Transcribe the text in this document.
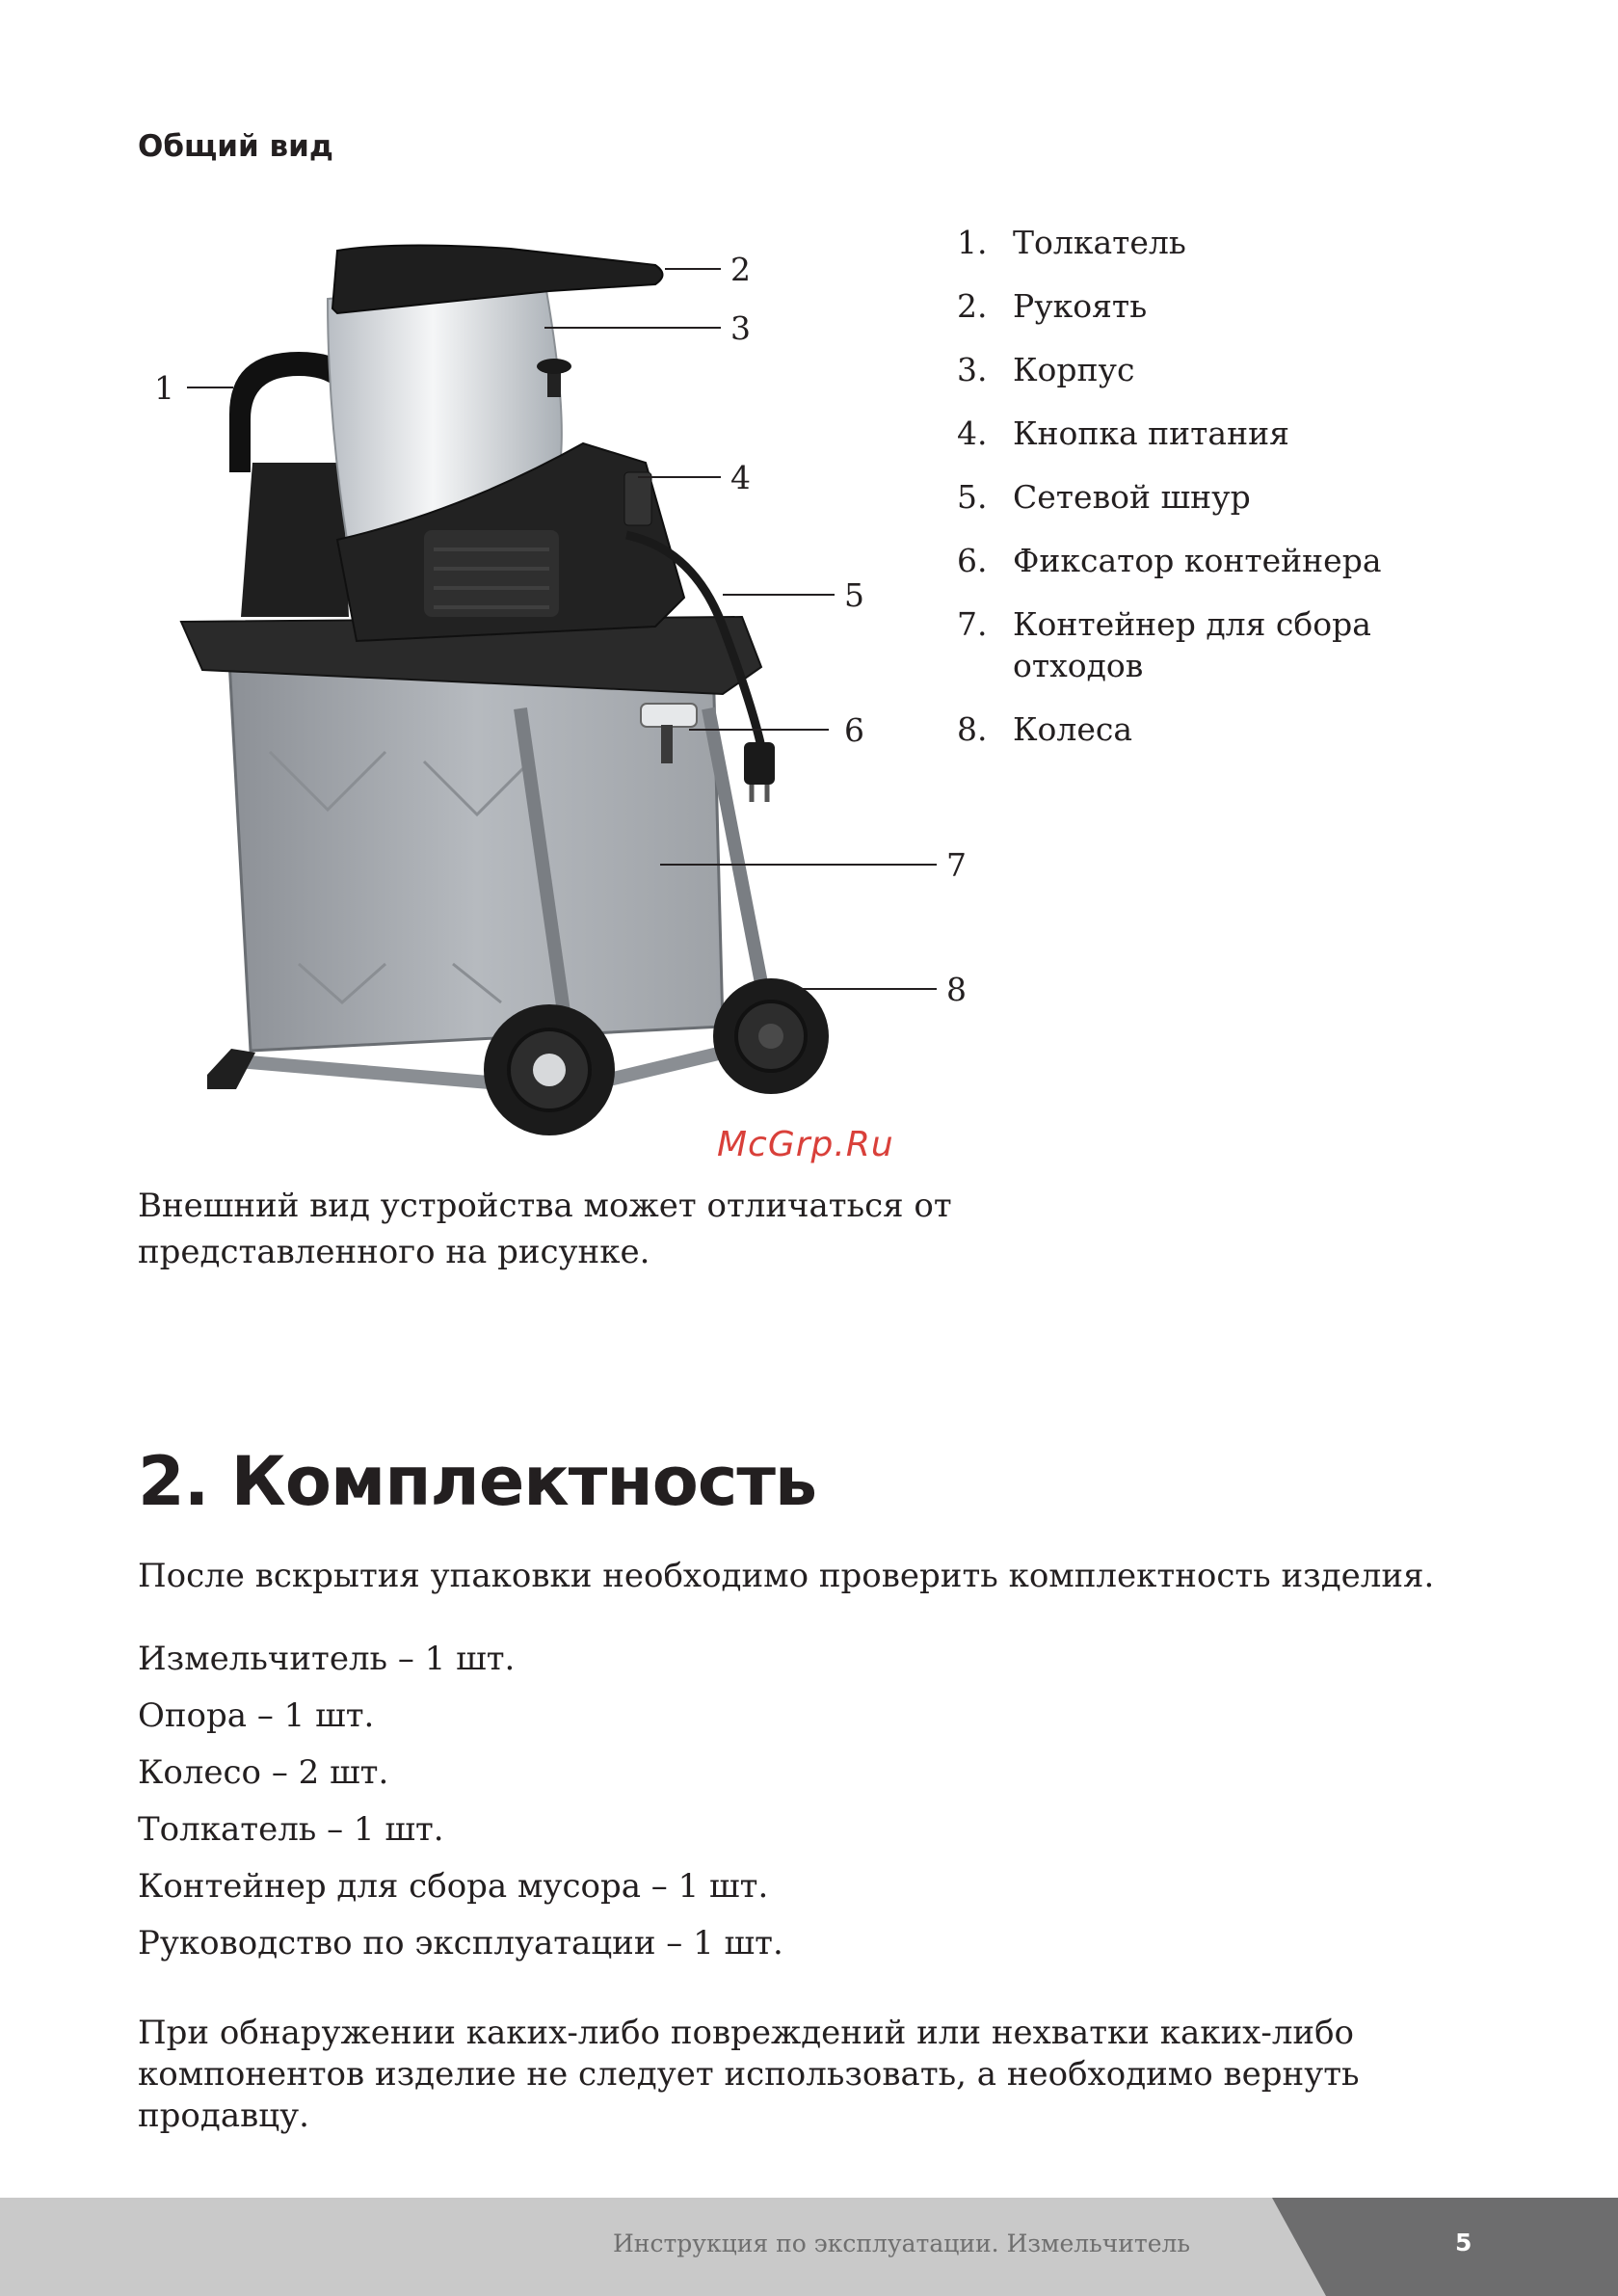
Общий вид
1
2
3
4
5
6
7
8
1. Толкатель
2. Рукоять
3. Корпус
4. Кнопка питания
5. Сетевой шнур
6. Фиксатор контейнера
7. Контейнер для сбора отходов
8. Колеса
McGrp.Ru
Внешний вид устройства может отличаться от представленного на рисунке.
2. Комплектность
После вскрытия упаковки необходимо проверить комплектность изделия.
Измельчитель – 1 шт.
Опора – 1 шт.
Колесо – 2 шт.
Толкатель – 1 шт.
Контейнер для сбора мусора – 1 шт.
Руководство по эксплуатации – 1 шт.
При обнаружении каких-либо повреждений или нехватки каких-либо компонентов изделие не следует использовать, а необходимо вернуть продавцу.
Инструкция по эксплуатации. Измельчитель	5
